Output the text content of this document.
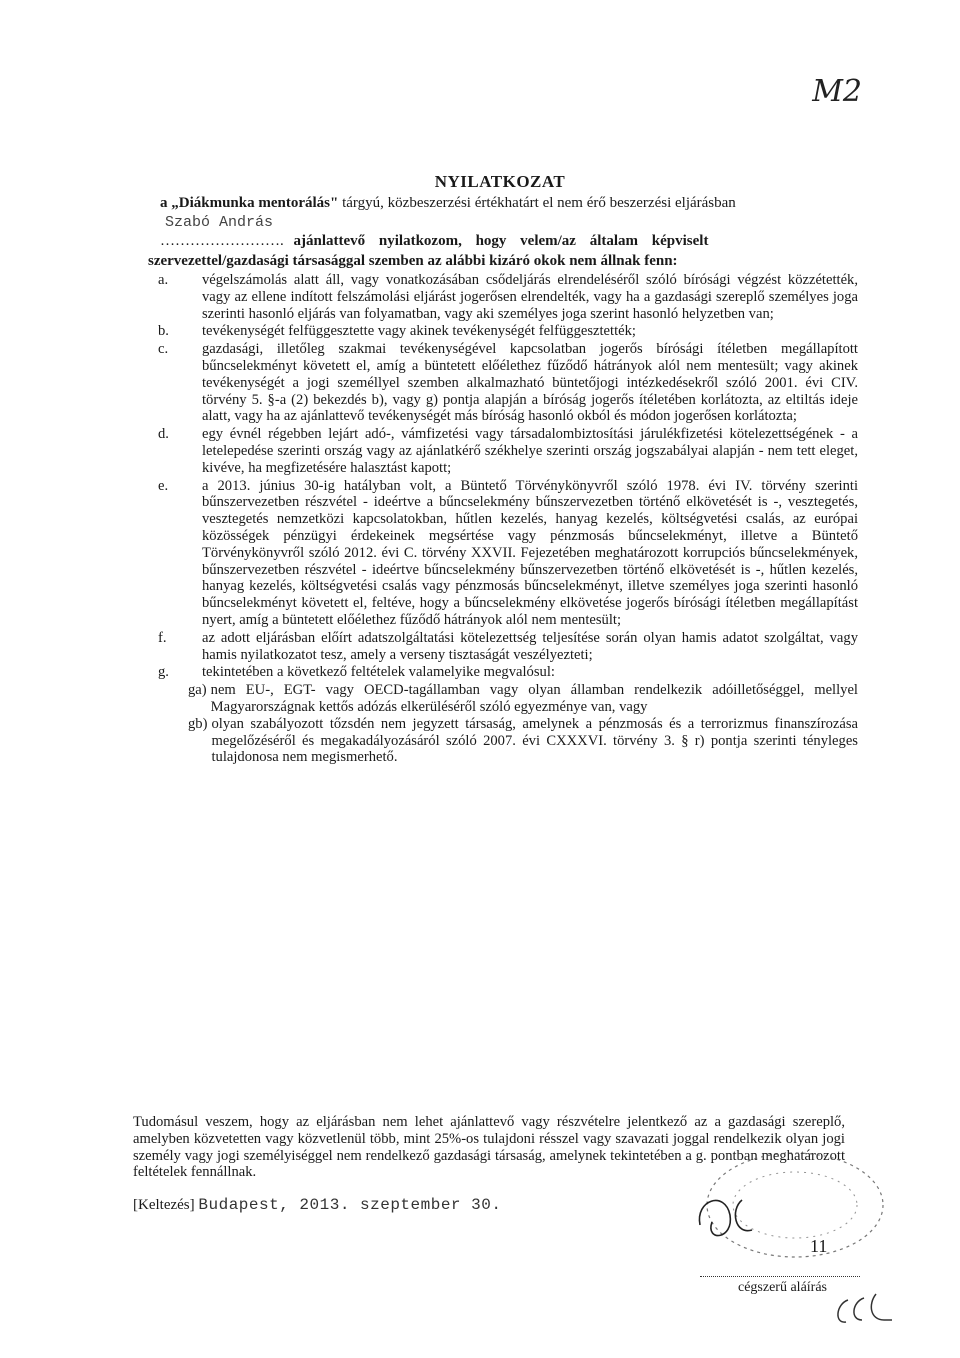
M2
NYILATKOZAT
a „Diákmunka mentorálás" tárgyú, közbeszerzési értékhatárt el nem érő beszerzési eljárásban
Szabó András
……………………. ajánlattevő nyilatkozom, hogy velem/az általam képviselt
szervezettel/gazdasági társasággal szemben az alábbi kizáró okok nem állnak fenn:
a.	végelszámolás alatt áll, vagy vonatkozásában csődeljárás elrendeléséről szóló bírósági végzést közzétették, vagy az ellene indított felszámolási eljárást jogerősen elrendelték, vagy ha a gazdasági szereplő személyes joga szerinti hasonló eljárás van folyamatban, vagy aki személyes joga szerint hasonló helyzetben van;
b.	tevékenységét felfüggesztette vagy akinek tevékenységét felfüggesztették;
c.	gazdasági, illetőleg szakmai tevékenységével kapcsolatban jogerős bírósági ítéletben megállapított bűncselekményt követett el, amíg a büntetett előélethez fűződő hátrányok alól nem mentesült; vagy akinek tevékenységét a jogi személlyel szemben alkalmazható büntetőjogi intézkedésekről szóló 2001. évi CIV. törvény 5. §-a (2) bekezdés b), vagy g) pontja alapján a bíróság jogerős ítéletében korlátozta, az eltiltás ideje alatt, vagy ha az ajánlattevő tevékenységét más bíróság hasonló okból és módon jogerősen korlátozta;
d.	egy évnél régebben lejárt adó-, vámfizetési vagy társadalombiztosítási járulékfizetési kötelezettségének - a letelepedése szerinti ország vagy az ajánlatkérő székhelye szerinti ország jogszabályai alapján - nem tett eleget, kivéve, ha megfizetésére halasztást kapott;
e.	a 2013. június 30-ig hatályban volt, a Büntető Törvénykönyvről szóló 1978. évi IV. törvény szerinti bűnszervezetben részvétel - ideértve a bűncselekmény bűnszervezetben történő elkövetését is -, vesztegetés, vesztegetés nemzetközi kapcsolatokban, hűtlen kezelés, hanyag kezelés, költségvetési csalás, az európai közösségek pénzügyi érdekeinek megsértése vagy pénzmosás bűncselekményt, illetve a Büntető Törvénykönyvről szóló 2012. évi C. törvény XXVII. Fejezetében meghatározott korrupciós bűncselekmények, bűnszervezetben részvétel - ideértve bűncselekmény bűnszervezetben történő elkövetését is -, hűtlen kezelés, hanyag kezelés, költségvetési csalás vagy pénzmosás bűncselekményt, illetve személyes joga szerinti hasonló bűncselekményt követett el, feltéve, hogy a bűncselekmény elkövetése jogerős bírósági ítéletben megállapítást nyert, amíg a büntetett előélethez fűződő hátrányok alól nem mentesült;
f.	az adott eljárásban előírt adatszolgáltatási kötelezettség teljesítése során olyan hamis adatot szolgáltat, vagy hamis nyilatkozatot tesz, amely a verseny tisztaságát veszélyezteti;
g.	tekintetében a következő feltételek valamelyike megvalósul:
ga) nem EU-, EGT- vagy OECD-tagállamban vagy olyan államban rendelkezik adóilletőséggel, mellyel Magyarországnak kettős adózás elkerüléséről szóló egyezménye van, vagy
gb) olyan szabályozott tőzsdén nem jegyzett társaság, amelynek a pénzmosás és a terrorizmus finanszírozása megelőzéséről és megakadályozásáról szóló 2007. évi CXXXVI. törvény 3. § r) pontja szerinti tényleges tulajdonosa nem megismerhető.
Tudomásul veszem, hogy az eljárásban nem lehet ajánlattevő vagy részvételre jelentkező az a gazdasági szereplő, amelyben közvetetten vagy közvetlenül több, mint 25%-os tulajdoni résszel vagy szavazati joggal rendelkezik olyan jogi személy vagy jogi személyiséggel nem rendelkező gazdasági társaság, amelynek tekintetében a g. pontban meghatározott feltételek fennállnak.
[Keltezés] Budapest, 2013. szeptember 30.
cégszerű aláírás
11
